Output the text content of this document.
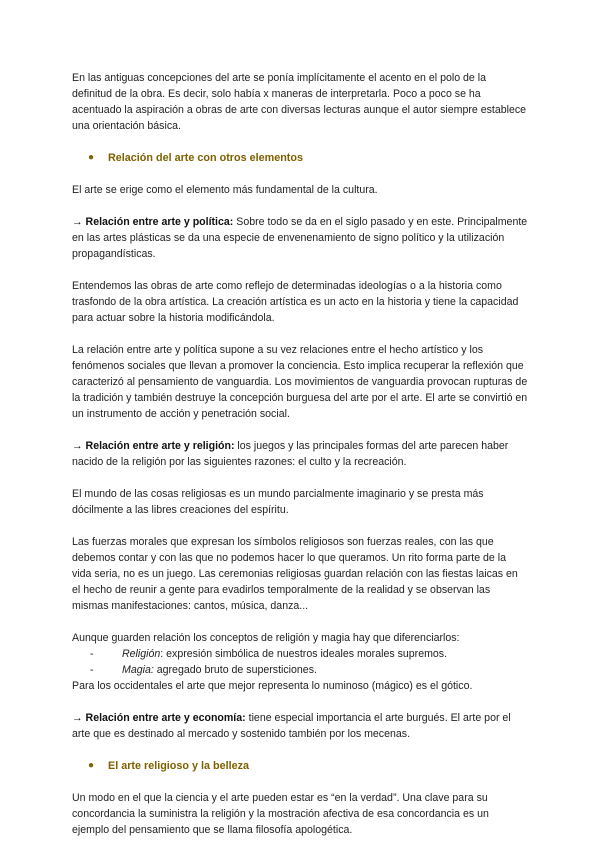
En las antiguas concepciones del arte se ponía implícitamente el acento en el polo de la definitud de la obra. Es decir, solo había x maneras de interpretarla. Poco a poco se ha acentuado la aspiración a obras de arte con diversas lecturas aunque el autor siempre establece una orientación básica.

●	Relación del arte con otros elementos

El arte se erige como el elemento más fundamental de la cultura.

→ Relación entre arte y política: Sobre todo se da en el siglo pasado y en este. Principalmente en las artes plásticas se da una especie de envenenamiento de signo político y la utilización propagandísticas.

Entendemos las obras de arte como reflejo de determinadas ideologías o a la historia como trasfondo de la obra artística. La creación artística es un acto en la historia y tiene la capacidad para actuar sobre la historia modificándola.

La relación entre arte y política supone a su vez relaciones entre el hecho artístico y los fenómenos sociales que llevan a promover la conciencia. Esto implica recuperar la reflexión que caracterizó al pensamiento de vanguardia. Los movimientos de vanguardia provocan rupturas de la tradición y también destruye la concepción burguesa del arte por el arte. El arte se convirtió en un instrumento de acción y penetración social.

→ Relación entre arte y religión: los juegos y las principales formas del arte parecen haber nacido de la religión por las siguientes razones: el culto y la recreación.

El mundo de las cosas religiosas es un mundo parcialmente imaginario y se presta más dócilmente a las libres creaciones del espíritu.

Las fuerzas morales que expresan los símbolos religiosos son fuerzas reales, con las que debemos contar y con las que no podemos hacer lo que queramos. Un rito forma parte de la vida seria, no es un juego. Las ceremonias religiosas guardan relación con las fiestas laicas en el hecho de reunir a gente para evadirlos temporalmente de la realidad y se observan las mismas manifestaciones: cantos, música, danza...

Aunque guarden relación los conceptos de religión y magia hay que diferenciarlos:

-	Religión: expresión simbólica de nuestros ideales morales supremos.
-	Magia: agregado bruto de supersticiones.

Para los occidentales el arte que mejor representa lo numinoso (mágico) es el gótico.

→ Relación entre arte y economía: tiene especial importancia el arte burgués. El arte por el arte que es destinado al mercado y sostenido también por los mecenas.

●	El arte religioso y la belleza

Un modo en el que la ciencia y el arte pueden estar es “en la verdad”. Una clave para su concordancia la suministra la religión y la mostración afectiva de esa concordancia es un ejemplo del pensamiento que se llama filosofía apologética.
